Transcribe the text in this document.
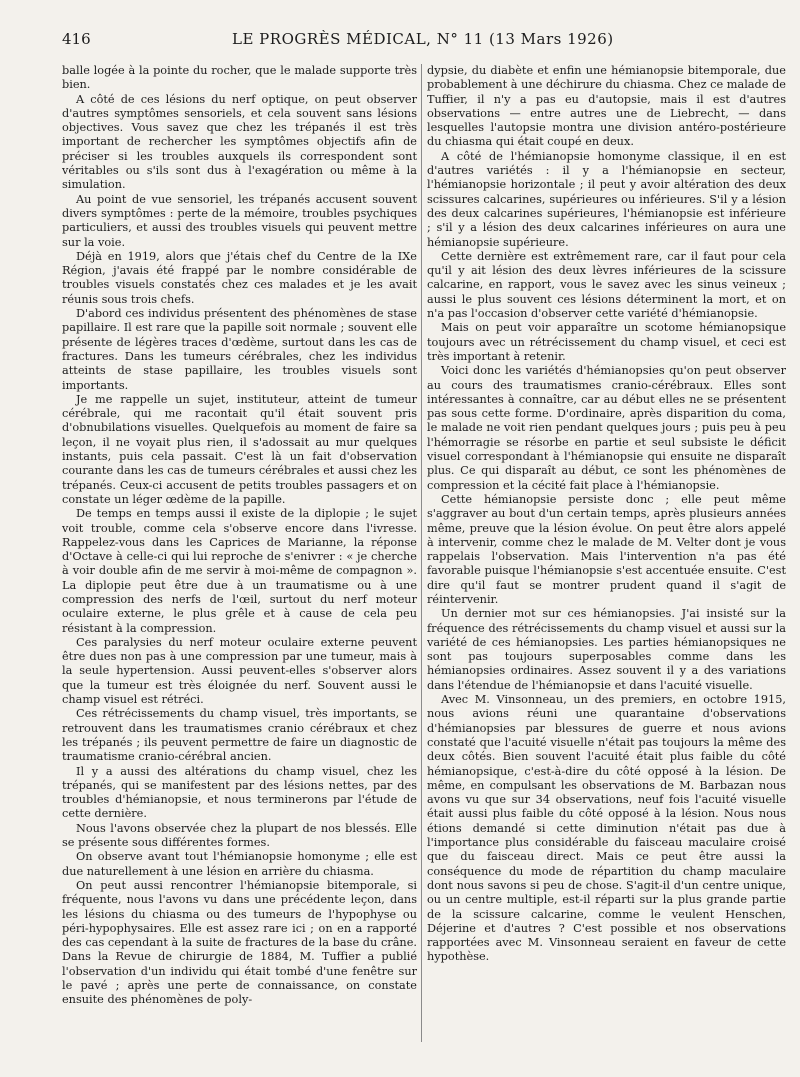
416	LE PROGRÈS MÉDICAL, N° 11 (13 Mars 1926)

balle logée à la pointe du rocher, que le malade supporte très bien.

A côté de ces lésions du nerf optique, on peut observer d'autres symptômes sensoriels, et cela souvent sans lésions objectives. Vous savez que chez les trépanés il est très important de rechercher les symptômes objectifs afin de préciser si les troubles auxquels ils correspondent sont véritables ou s'ils sont dus à l'exagération ou même à la simulation.

Au point de vue sensoriel, les trépanés accusent souvent divers symptômes : perte de la mémoire, troubles psychiques particuliers, et aussi des troubles visuels qui peuvent mettre sur la voie.

Déjà en 1919, alors que j'étais chef du Centre de la IXe Région, j'avais été frappé par le nombre considérable de troubles visuels constatés chez ces malades et je les avait réunis sous trois chefs.

D'abord ces individus présentent des phénomènes de stase papillaire. Il est rare que la papille soit normale ; souvent elle présente de légères traces d'œdème, surtout dans les cas de fractures. Dans les tumeurs cérébrales, chez les individus atteints de stase papillaire, les troubles visuels sont importants.

Je me rappelle un sujet, instituteur, atteint de tumeur cérébrale, qui me racontait qu'il était souvent pris d'obnubilations visuelles. Quelquefois au moment de faire sa leçon, il ne voyait plus rien, il s'adossait au mur quelques instants, puis cela passait. C'est là un fait d'observation courante dans les cas de tumeurs cérébrales et aussi chez les trépanés. Ceux-ci accusent de petits troubles passagers et on constate un léger œdème de la papille.

De temps en temps aussi il existe de la diplopie ; le sujet voit trouble, comme cela s'observe encore dans l'ivresse. Rappelez-vous dans les Caprices de Marianne, la réponse d'Octave à celle-ci qui lui reproche de s'enivrer : « je cherche à voir double afin de me servir à moi-même de compagnon ». La diplopie peut être due à un traumatisme ou à une compression des nerfs de l'œil, surtout du nerf moteur oculaire externe, le plus grêle et à cause de cela peu résistant à la compression.

Ces paralysies du nerf moteur oculaire externe peuvent être dues non pas à une compression par une tumeur, mais à la seule hypertension. Aussi peuvent-elles s'observer alors que la tumeur est très éloignée du nerf. Souvent aussi le champ visuel est rétréci.

Ces rétrécissements du champ visuel, très importants, se retrouvent dans les traumatismes cranio cérébraux et chez les trépanés ; ils peuvent permettre de faire un diagnostic de traumatisme cranio-cérébral ancien.

Il y a aussi des altérations du champ visuel, chez les trépanés, qui se manifestent par des lésions nettes, par des troubles d'hémianopsie, et nous terminerons par l'étude de cette dernière.

Nous l'avons observée chez la plupart de nos blessés. Elle se présente sous différentes formes.

On observe avant tout l'hémianopsie homonyme ; elle est due naturellement à une lésion en arrière du chiasma.

On peut aussi rencontrer l'hémianopsie bitemporale, si fréquente, nous l'avons vu dans une précédente leçon, dans les lésions du chiasma ou des tumeurs de l'hypophyse ou péri-hypophysaires. Elle est assez rare ici ; on en a rapporté des cas cependant à la suite de fractures de la base du crâne. Dans la Revue de chirurgie de 1884, M. Tuffier a publié l'observation d'un individu qui était tombé d'une fenêtre sur le pavé ; après une perte de connaissance, on constate ensuite des phénomènes de poly-

dypsie, du diabète et enfin une hémianopsie bitemporale, due probablement à une déchirure du chiasma. Chez ce malade de Tuffier, il n'y a pas eu d'autopsie, mais il est d'autres observations — entre autres une de Liebrecht, — dans lesquelles l'autopsie montra une division antéro-postérieure du chiasma qui était coupé en deux.

A côté de l'hémianopsie homonyme classique, il en est d'autres variétés : il y a l'hémianopsie en secteur, l'hémianopsie horizontale ; il peut y avoir altération des deux scissures calcarines, supérieures ou inférieures. S'il y a lésion des deux calcarines supérieures, l'hémianopsie est inférieure ; s'il y a lésion des deux calcarines inférieures on aura une hémianopsie supérieure.

Cette dernière est extrêmement rare, car il faut pour cela qu'il y ait lésion des deux lèvres inférieures de la scissure calcarine, en rapport, vous le savez avec les sinus veineux ; aussi le plus souvent ces lésions déterminent la mort, et on n'a pas l'occasion d'observer cette variété d'hémianopsie.

Mais on peut voir apparaître un scotome hémianopsique toujours avec un rétrécissement du champ visuel, et ceci est très important à retenir.

Voici donc les variétés d'hémianopsies qu'on peut observer au cours des traumatismes cranio-cérébraux. Elles sont intéressantes à connaître, car au début elles ne se présentent pas sous cette forme. D'ordinaire, après disparition du coma, le malade ne voit rien pendant quelques jours ; puis peu à peu l'hémorragie se résorbe en partie et seul subsiste le déficit visuel correspondant à l'hémianopsie qui ensuite ne disparaît plus. Ce qui disparaît au début, ce sont les phénomènes de compression et la cécité fait place à l'hémianopsie.

Cette hémianopsie persiste donc ; elle peut même s'aggraver au bout d'un certain temps, après plusieurs années même, preuve que la lésion évolue. On peut être alors appelé à intervenir, comme chez le malade de M. Velter dont je vous rappelais l'observation. Mais l'intervention n'a pas été favorable puisque l'hémianopsie s'est accentuée ensuite. C'est dire qu'il faut se montrer prudent quand il s'agit de réintervenir.

Un dernier mot sur ces hémianopsies. J'ai insisté sur la fréquence des rétrécissements du champ visuel et aussi sur la variété de ces hémianopsies. Les parties hémianopsiques ne sont pas toujours superposables comme dans les hémianopsies ordinaires. Assez souvent il y a des variations dans l'étendue de l'hémianopsie et dans l'acuité visuelle.

Avec M. Vinsonneau, un des premiers, en octobre 1915, nous avions réuni une quarantaine d'observations d'hémianopsies par blessures de guerre et nous avions constaté que l'acuité visuelle n'était pas toujours la même des deux côtés. Bien souvent l'acuité était plus faible du côté hémianopsique, c'est-à-dire du côté opposé à la lésion. De même, en compulsant les observations de M. Barbazan nous avons vu que sur 34 observations, neuf fois l'acuité visuelle était aussi plus faible du côté opposé à la lésion. Nous nous étions demandé si cette diminution n'était pas due à l'importance plus considérable du faisceau maculaire croisé que du faisceau direct. Mais ce peut être aussi la conséquence du mode de répartition du champ maculaire dont nous savons si peu de chose. S'agit-il d'un centre unique, ou un centre multiple, est-il réparti sur la plus grande partie de la scissure calcarine, comme le veulent Henschen, Déjerine et d'autres ? C'est possible et nos observations rapportées avec M. Vinsonneau seraient en faveur de cette hypothèse.
